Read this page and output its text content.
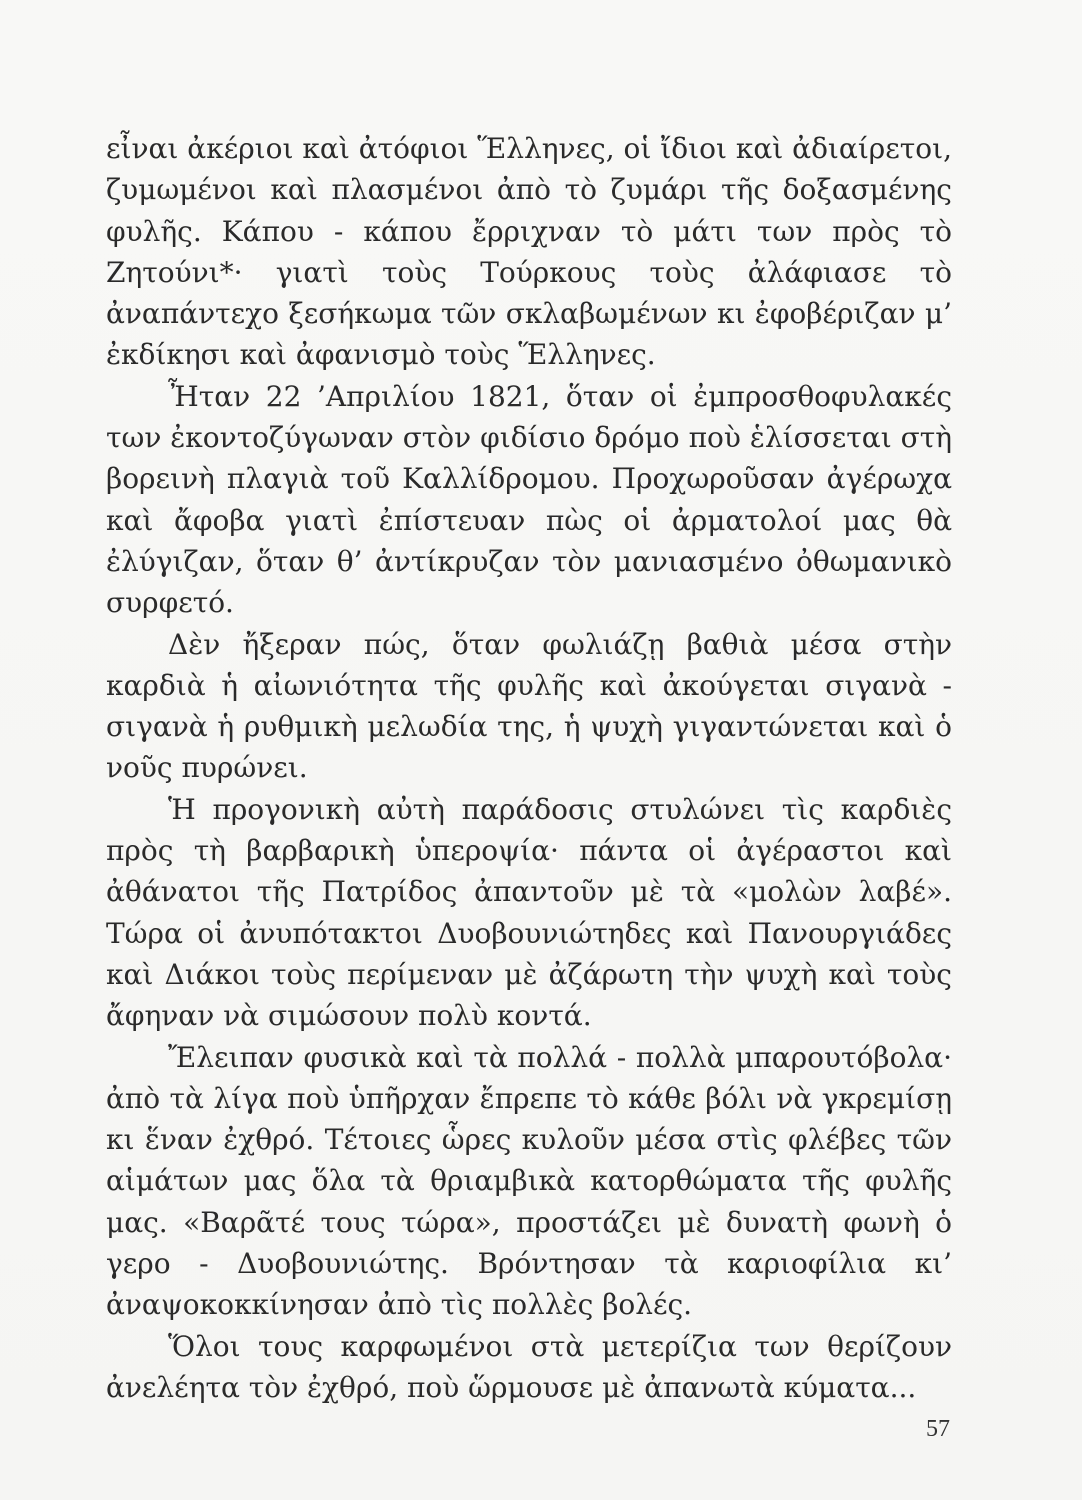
εἶναι ἀκέριοι καὶ ἀτόφιοι Ἕλληνες, οἱ ἴδιοι καὶ ἀδιαίρετοι, ζυμωμένοι καὶ πλασμένοι ἀπὸ τὸ ζυμάρι τῆς δοξασμένης φυλῆς. Κάπου - κάπου ἔρριχναν τὸ μάτι των πρὸς τὸ Ζητούνι*· γιατὶ τοὺς Τούρκους τοὺς ἀλάφιασε τὸ ἀναπάντεχο ξεσήκωμα τῶν σκλαβωμένων κι ἐφοβέριζαν μ’ ἐκδίκησι καὶ ἀφανισμὸ τοὺς Ἕλληνες.

Ἦταν 22 ’Απριλίου 1821, ὅταν οἱ ἐμπροσθοφυλακές των ἐκοντοζύγωναν στὸν φιδίσιο δρόμο ποὺ ἑλίσσεται στὴ βορεινὴ πλαγιὰ τοῦ Καλλίδρομου. Προχωροῦσαν ἀγέρωχα καὶ ἄφοβα γιατὶ ἐπίστευαν πὼς οἱ ἀρματολοί μας θὰ ἐλύγιζαν, ὅταν θ’ ἀντίκρυζαν τὸν μανιασμένο ὀθωμανικὸ συρφετό.

Δὲν ἤξεραν πώς, ὅταν φωλιάζῃ βαθιὰ μέσα στὴν καρδιὰ ἡ αἰωνιότητα τῆς φυλῆς καὶ ἀκούγεται σιγανὰ - σιγανὰ ἡ ρυθμικὴ μελωδία της, ἡ ψυχὴ γιγαντώνεται καὶ ὁ νοῦς πυρώνει.

Ἡ προγονικὴ αὐτὴ παράδοσις στυλώνει τὶς καρδιὲς πρὸς τὴ βαρβαρικὴ ὑπεροψία· πάντα οἱ ἀγέραστοι καὶ ἀθάνατοι τῆς Πατρίδος ἀπαντοῦν μὲ τὰ «μολὼν λαβέ». Τώρα οἱ ἀνυπότακτοι Δυοβουνιώτηδες καὶ Πανουργιάδες καὶ Διάκοι τοὺς περίμεναν μὲ ἀζάρωτη τὴν ψυχὴ καὶ τοὺς ἄφηναν νὰ σιμώσουν πολὺ κοντά.

Ἔλειπαν φυσικὰ καὶ τὰ πολλά - πολλὰ μπαρουτόβολα· ἀπὸ τὰ λίγα ποὺ ὑπῆρχαν ἔπρεπε τὸ κάθε βόλι νὰ γκρεμίσῃ κι ἕναν ἐχθρό. Τέτοιες ὧρες κυλοῦν μέσα στὶς φλέβες τῶν αἱμάτων μας ὅλα τὰ θριαμβικὰ κατορθώματα τῆς φυλῆς μας. «Βαρᾶτέ τους τώρα», προστάζει μὲ δυνατὴ φωνὴ ὁ γερο - Δυοβουνιώτης. Βρόντησαν τὰ καριοφίλια κι’ ἀναψοκοκκίνησαν ἀπὸ τὶς πολλὲς βολές.

Ὅλοι τους καρφωμένοι στὰ μετερίζια των θερίζουν ἀνελέητα τὸν ἐχθρό, ποὺ ὥρμουσε μὲ ἀπανωτὰ κύματα...

57
